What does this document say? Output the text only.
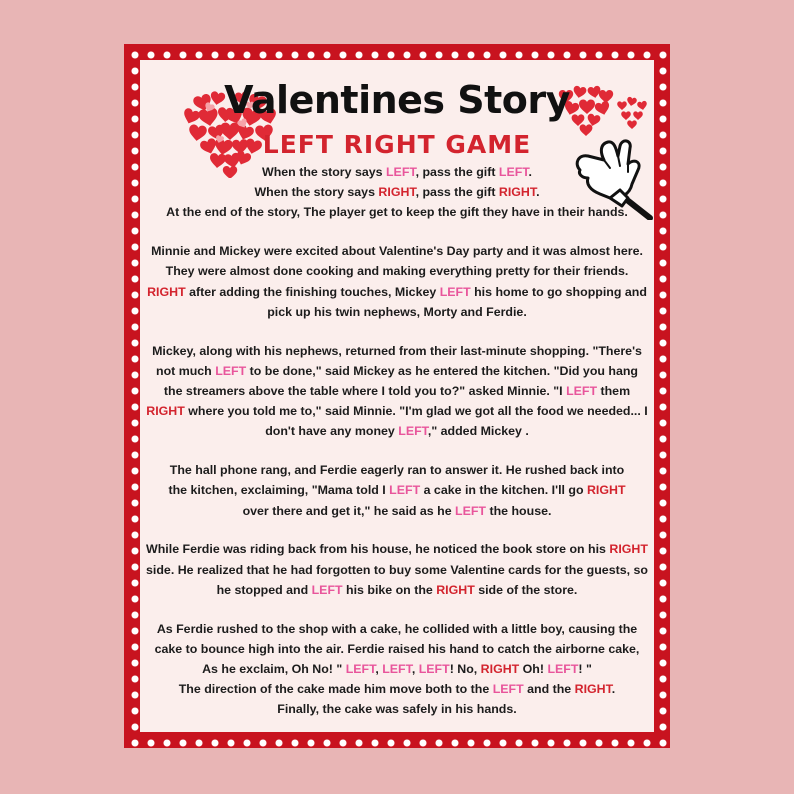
Valentines Story
LEFT RIGHT GAME

When the story says LEFT, pass the gift LEFT.
When the story says RIGHT, pass the gift RIGHT.
At the end of the story, The player get to keep the gift they have in their hands.

Minnie and Mickey were excited about Valentine's Day party and it was almost here. They were almost done cooking and making everything pretty for their friends. RIGHT after adding the finishing touches, Mickey LEFT his home to go shopping and pick up his twin nephews, Morty and Ferdie.

Mickey, along with his nephews, returned from their last-minute shopping. "There's not much LEFT to be done," said Mickey as he entered the kitchen. "Did you hang the streamers above the table where I told you to?" asked Minnie. "I LEFT them RIGHT where you told me to," said Minnie. "I'm glad we got all the food we needed... I don't have any money LEFT," added Mickey .

The hall phone rang, and Ferdie eagerly ran to answer it. He rushed back into the kitchen, exclaiming, "Mama told I LEFT a cake in the kitchen. I'll go RIGHT over there and get it," he said as he LEFT the house.

While Ferdie was riding back from his house, he noticed the book store on his RIGHT side. He realized that he had forgotten to buy some Valentine cards for the guests, so he stopped and LEFT his bike on the RIGHT side of the store.

As Ferdie rushed to the shop with a cake, he collided with a little boy, causing the cake to bounce high into the air. Ferdie raised his hand to catch the airborne cake, As he exclaim, Oh No! " LEFT, LEFT, LEFT! No, RIGHT Oh! LEFT! "
The direction of the cake made him move both to the LEFT and the RIGHT.
Finally, the cake was safely in his hands.
